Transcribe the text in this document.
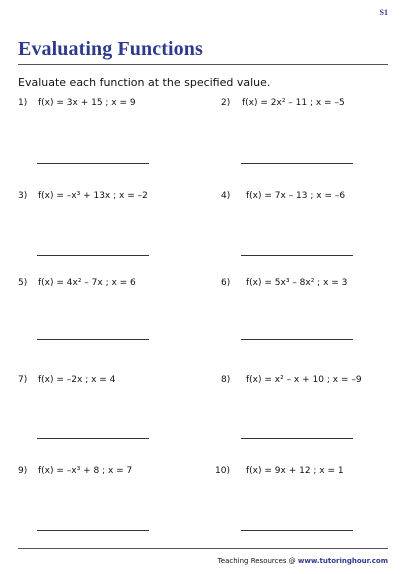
S1
Evaluating Functions
Evaluate each function at the specified value.
1) f(x) = 3x + 15 ; x = 9	2) f(x) = 2x² – 11 ; x = –5
3) f(x) = –x³ + 13x ; x = –2	4) f(x) = 7x – 13 ; x = –6
5) f(x) = 4x² – 7x ; x = 6	6) f(x) = 5x³ – 8x² ; x = 3
7) f(x) = –2x ; x = 4	8) f(x) = x² – x + 10 ; x = –9
9) f(x) = –x³ + 8 ; x = 7	10) f(x) = 9x + 12 ; x = 1
Teaching Resources @ www.tutoringhour.com
